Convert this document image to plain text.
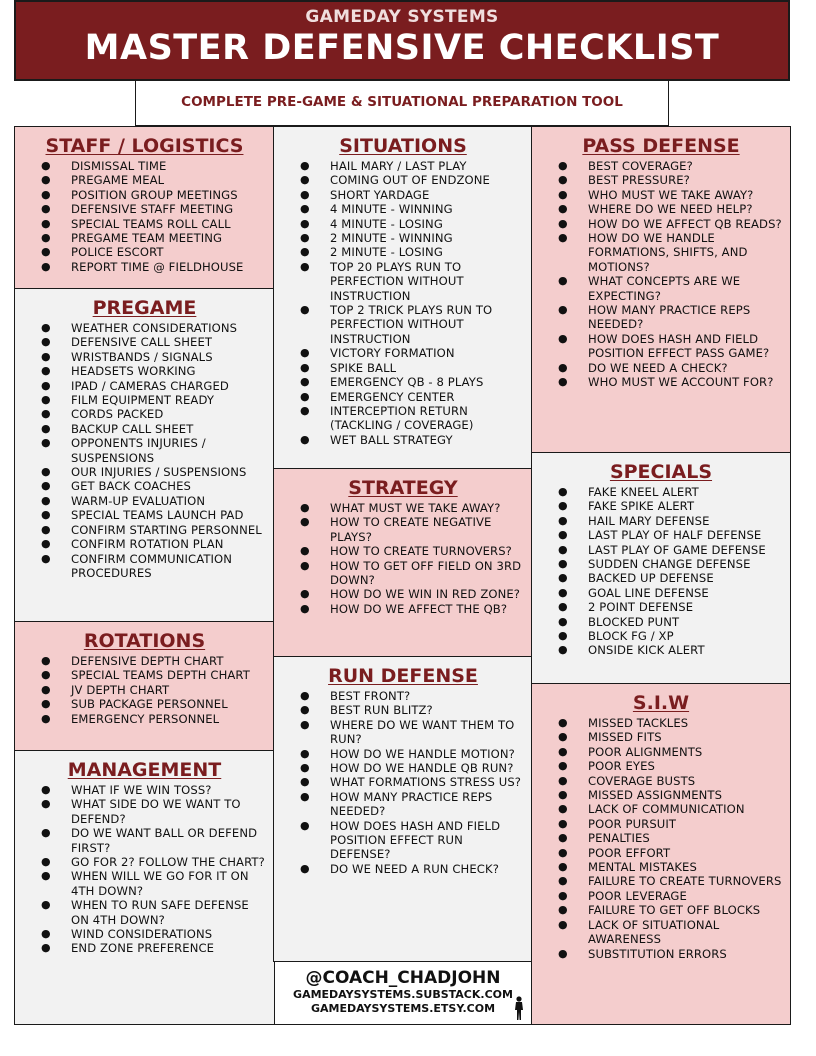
GAMEDAY SYSTEMS
MASTER DEFENSIVE CHECKLIST
COMPLETE PRE-GAME & SITUATIONAL PREPARATION TOOL
STAFF / LOGISTICS
● DISMISSAL TIME
● PREGAME MEAL
● POSITION GROUP MEETINGS
● DEFENSIVE STAFF MEETING
● SPECIAL TEAMS ROLL CALL
● PREGAME TEAM MEETING
● POLICE ESCORT
● REPORT TIME @ FIELDHOUSE
PREGAME
● WEATHER CONSIDERATIONS
● DEFENSIVE CALL SHEET
● WRISTBANDS / SIGNALS
● HEADSETS WORKING
● IPAD / CAMERAS CHARGED
● FILM EQUIPMENT READY
● CORDS PACKED
● BACKUP CALL SHEET
● OPPONENTS INJURIES / SUSPENSIONS
● OUR INJURIES / SUSPENSIONS
● GET BACK COACHES
● WARM-UP EVALUATION
● SPECIAL TEAMS LAUNCH PAD
● CONFIRM STARTING PERSONNEL
● CONFIRM ROTATION PLAN
● CONFIRM COMMUNICATION PROCEDURES
ROTATIONS
● DEFENSIVE DEPTH CHART
● SPECIAL TEAMS DEPTH CHART
● JV DEPTH CHART
● SUB PACKAGE PERSONNEL
● EMERGENCY PERSONNEL
MANAGEMENT
● WHAT IF WE WIN TOSS?
● WHAT SIDE DO WE WANT TO DEFEND?
● DO WE WANT BALL OR DEFEND FIRST?
● GO FOR 2? FOLLOW THE CHART?
● WHEN WILL WE GO FOR IT ON 4TH DOWN?
● WHEN TO RUN SAFE DEFENSE ON 4TH DOWN?
● WIND CONSIDERATIONS
● END ZONE PREFERENCE
SITUATIONS
● HAIL MARY / LAST PLAY
● COMING OUT OF ENDZONE
● SHORT YARDAGE
● 4 MINUTE - WINNING
● 4 MINUTE - LOSING
● 2 MINUTE - WINNING
● 2 MINUTE - LOSING
● TOP 20 PLAYS RUN TO PERFECTION WITHOUT INSTRUCTION
● TOP 2 TRICK PLAYS RUN TO PERFECTION WITHOUT INSTRUCTION
● VICTORY FORMATION
● SPIKE BALL
● EMERGENCY QB - 8 PLAYS
● EMERGENCY CENTER
● INTERCEPTION RETURN (TACKLING / COVERAGE)
● WET BALL STRATEGY
STRATEGY
● WHAT MUST WE TAKE AWAY?
● HOW TO CREATE NEGATIVE PLAYS?
● HOW TO CREATE TURNOVERS?
● HOW TO GET OFF FIELD ON 3RD DOWN?
● HOW DO WE WIN IN RED ZONE?
● HOW DO WE AFFECT THE QB?
RUN DEFENSE
● BEST FRONT?
● BEST RUN BLITZ?
● WHERE DO WE WANT THEM TO RUN?
● HOW DO WE HANDLE MOTION?
● HOW DO WE HANDLE QB RUN?
● WHAT FORMATIONS STRESS US?
● HOW MANY PRACTICE REPS NEEDED?
● HOW DOES HASH AND FIELD POSITION EFFECT RUN DEFENSE?
● DO WE NEED A RUN CHECK?
PASS DEFENSE
● BEST COVERAGE?
● BEST PRESSURE?
● WHO MUST WE TAKE AWAY?
● WHERE DO WE NEED HELP?
● HOW DO WE AFFECT QB READS?
● HOW DO WE HANDLE FORMATIONS, SHIFTS, AND MOTIONS?
● WHAT CONCEPTS ARE WE EXPECTING?
● HOW MANY PRACTICE REPS NEEDED?
● HOW DOES HASH AND FIELD POSITION EFFECT PASS GAME?
● DO WE NEED A CHECK?
● WHO MUST WE ACCOUNT FOR?
SPECIALS
● FAKE KNEEL ALERT
● FAKE SPIKE ALERT
● HAIL MARY DEFENSE
● LAST PLAY OF HALF DEFENSE
● LAST PLAY OF GAME DEFENSE
● SUDDEN CHANGE DEFENSE
● BACKED UP DEFENSE
● GOAL LINE DEFENSE
● 2 POINT DEFENSE
● BLOCKED PUNT
● BLOCK FG / XP
● ONSIDE KICK ALERT
S.I.W
● MISSED TACKLES
● MISSED FITS
● POOR ALIGNMENTS
● POOR EYES
● COVERAGE BUSTS
● MISSED ASSIGNMENTS
● LACK OF COMMUNICATION
● POOR PURSUIT
● PENALTIES
● POOR EFFORT
● MENTAL MISTAKES
● FAILURE TO CREATE TURNOVERS
● POOR LEVERAGE
● FAILURE TO GET OFF BLOCKS
● LACK OF SITUATIONAL AWARENESS
● SUBSTITUTION ERRORS
@COACH_CHADJOHN
GAMEDAYSYSTEMS.SUBSTACK.COM
GAMEDAYSYSTEMS.ETSY.COM
